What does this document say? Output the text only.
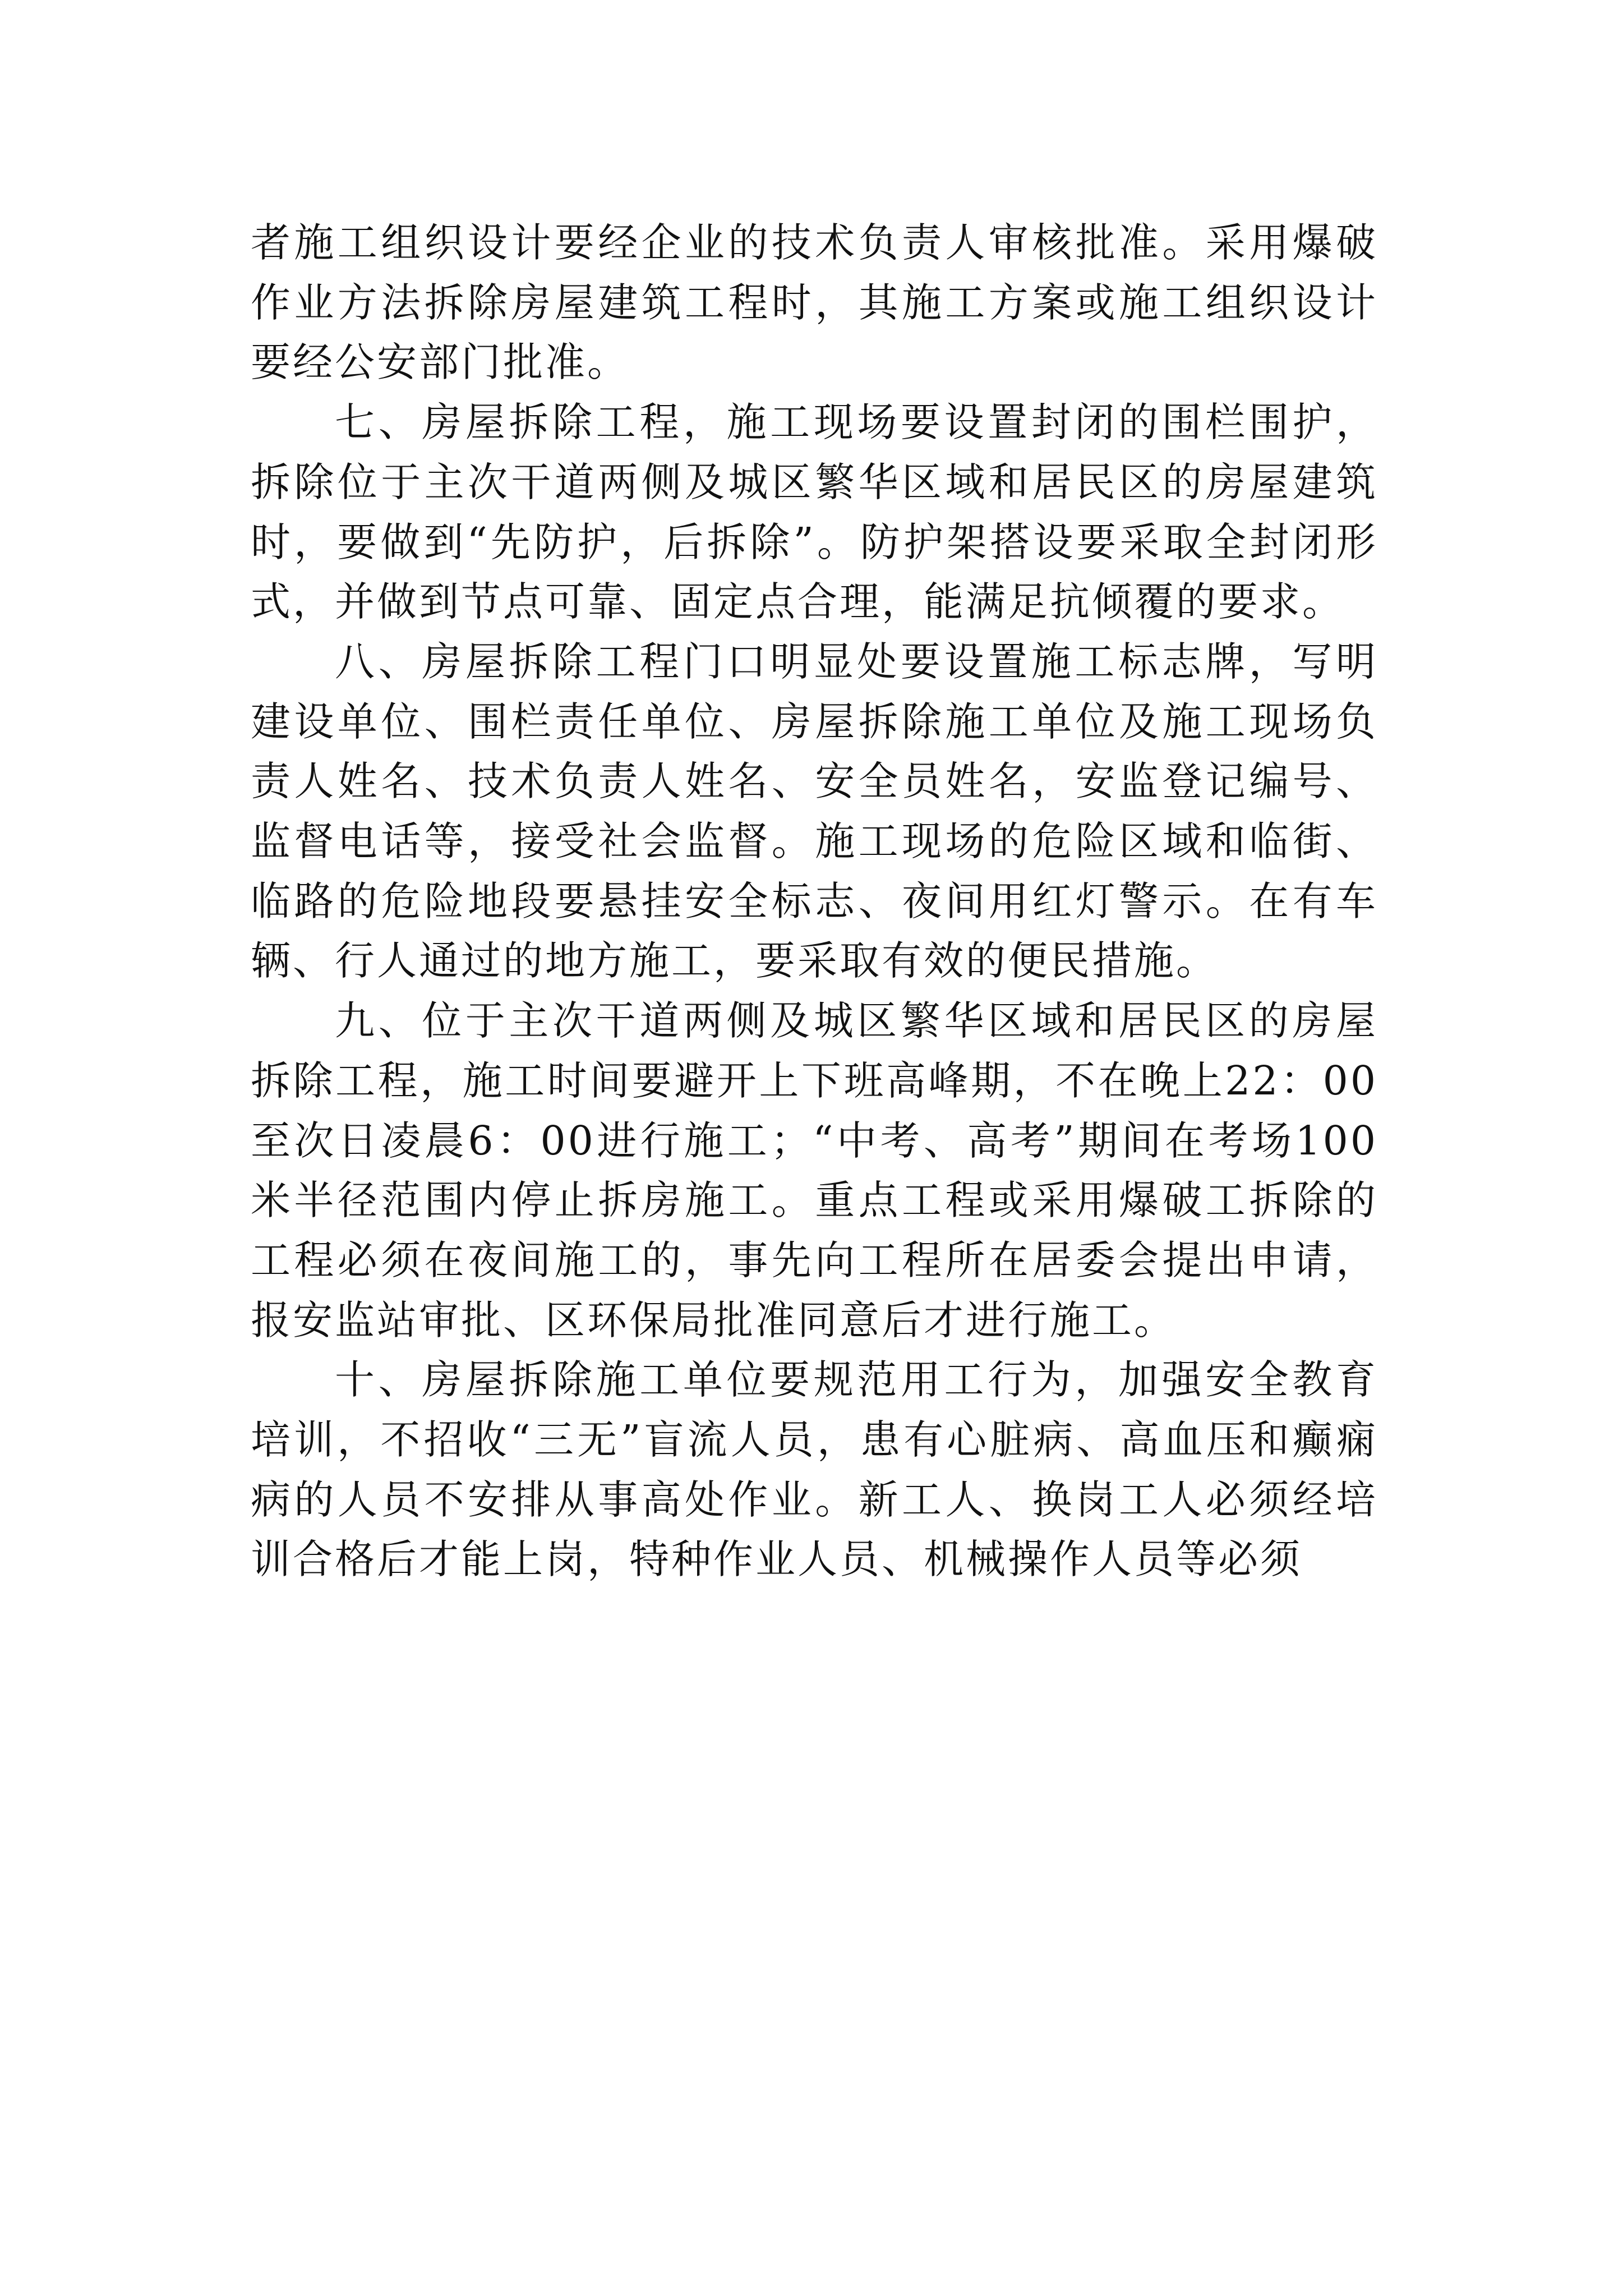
者施工组织设计要经企业的技术负责人审核批准。采用爆破作业方法拆除房屋建筑工程时，其施工方案或施工组织设计要经公安部门批准。

七、房屋拆除工程，施工现场要设置封闭的围栏围护，拆除位于主次干道两侧及城区繁华区域和居民区的房屋建筑时，要做到“先防护，后拆除”。防护架搭设要采取全封闭形式，并做到节点可靠、固定点合理，能满足抗倾覆的要求。

八、房屋拆除工程门口明显处要设置施工标志牌，写明建设单位、围栏责任单位、房屋拆除施工单位及施工现场负责人姓名、技术负责人姓名、安全员姓名，安监登记编号、监督电话等，接受社会监督。施工现场的危险区域和临街、临路的危险地段要悬挂安全标志、夜间用红灯警示。在有车辆、行人通过的地方施工，要采取有效的便民措施。

九、位于主次干道两侧及城区繁华区域和居民区的房屋拆除工程，施工时间要避开上下班高峰期，不在晚上22：00至次日凌晨6：00进行施工；“中考、高考”期间在考场100米半径范围内停止拆房施工。重点工程或采用爆破工拆除的工程必须在夜间施工的，事先向工程所在居委会提出申请，报安监站审批、区环保局批准同意后才进行施工。

十、房屋拆除施工单位要规范用工行为，加强安全教育培训，不招收“三无”盲流人员，患有心脏病、高血压和癫痫病的人员不安排从事高处作业。新工人、换岗工人必须经培训合格后才能上岗，特种作业人员、机械操作人员等必须
